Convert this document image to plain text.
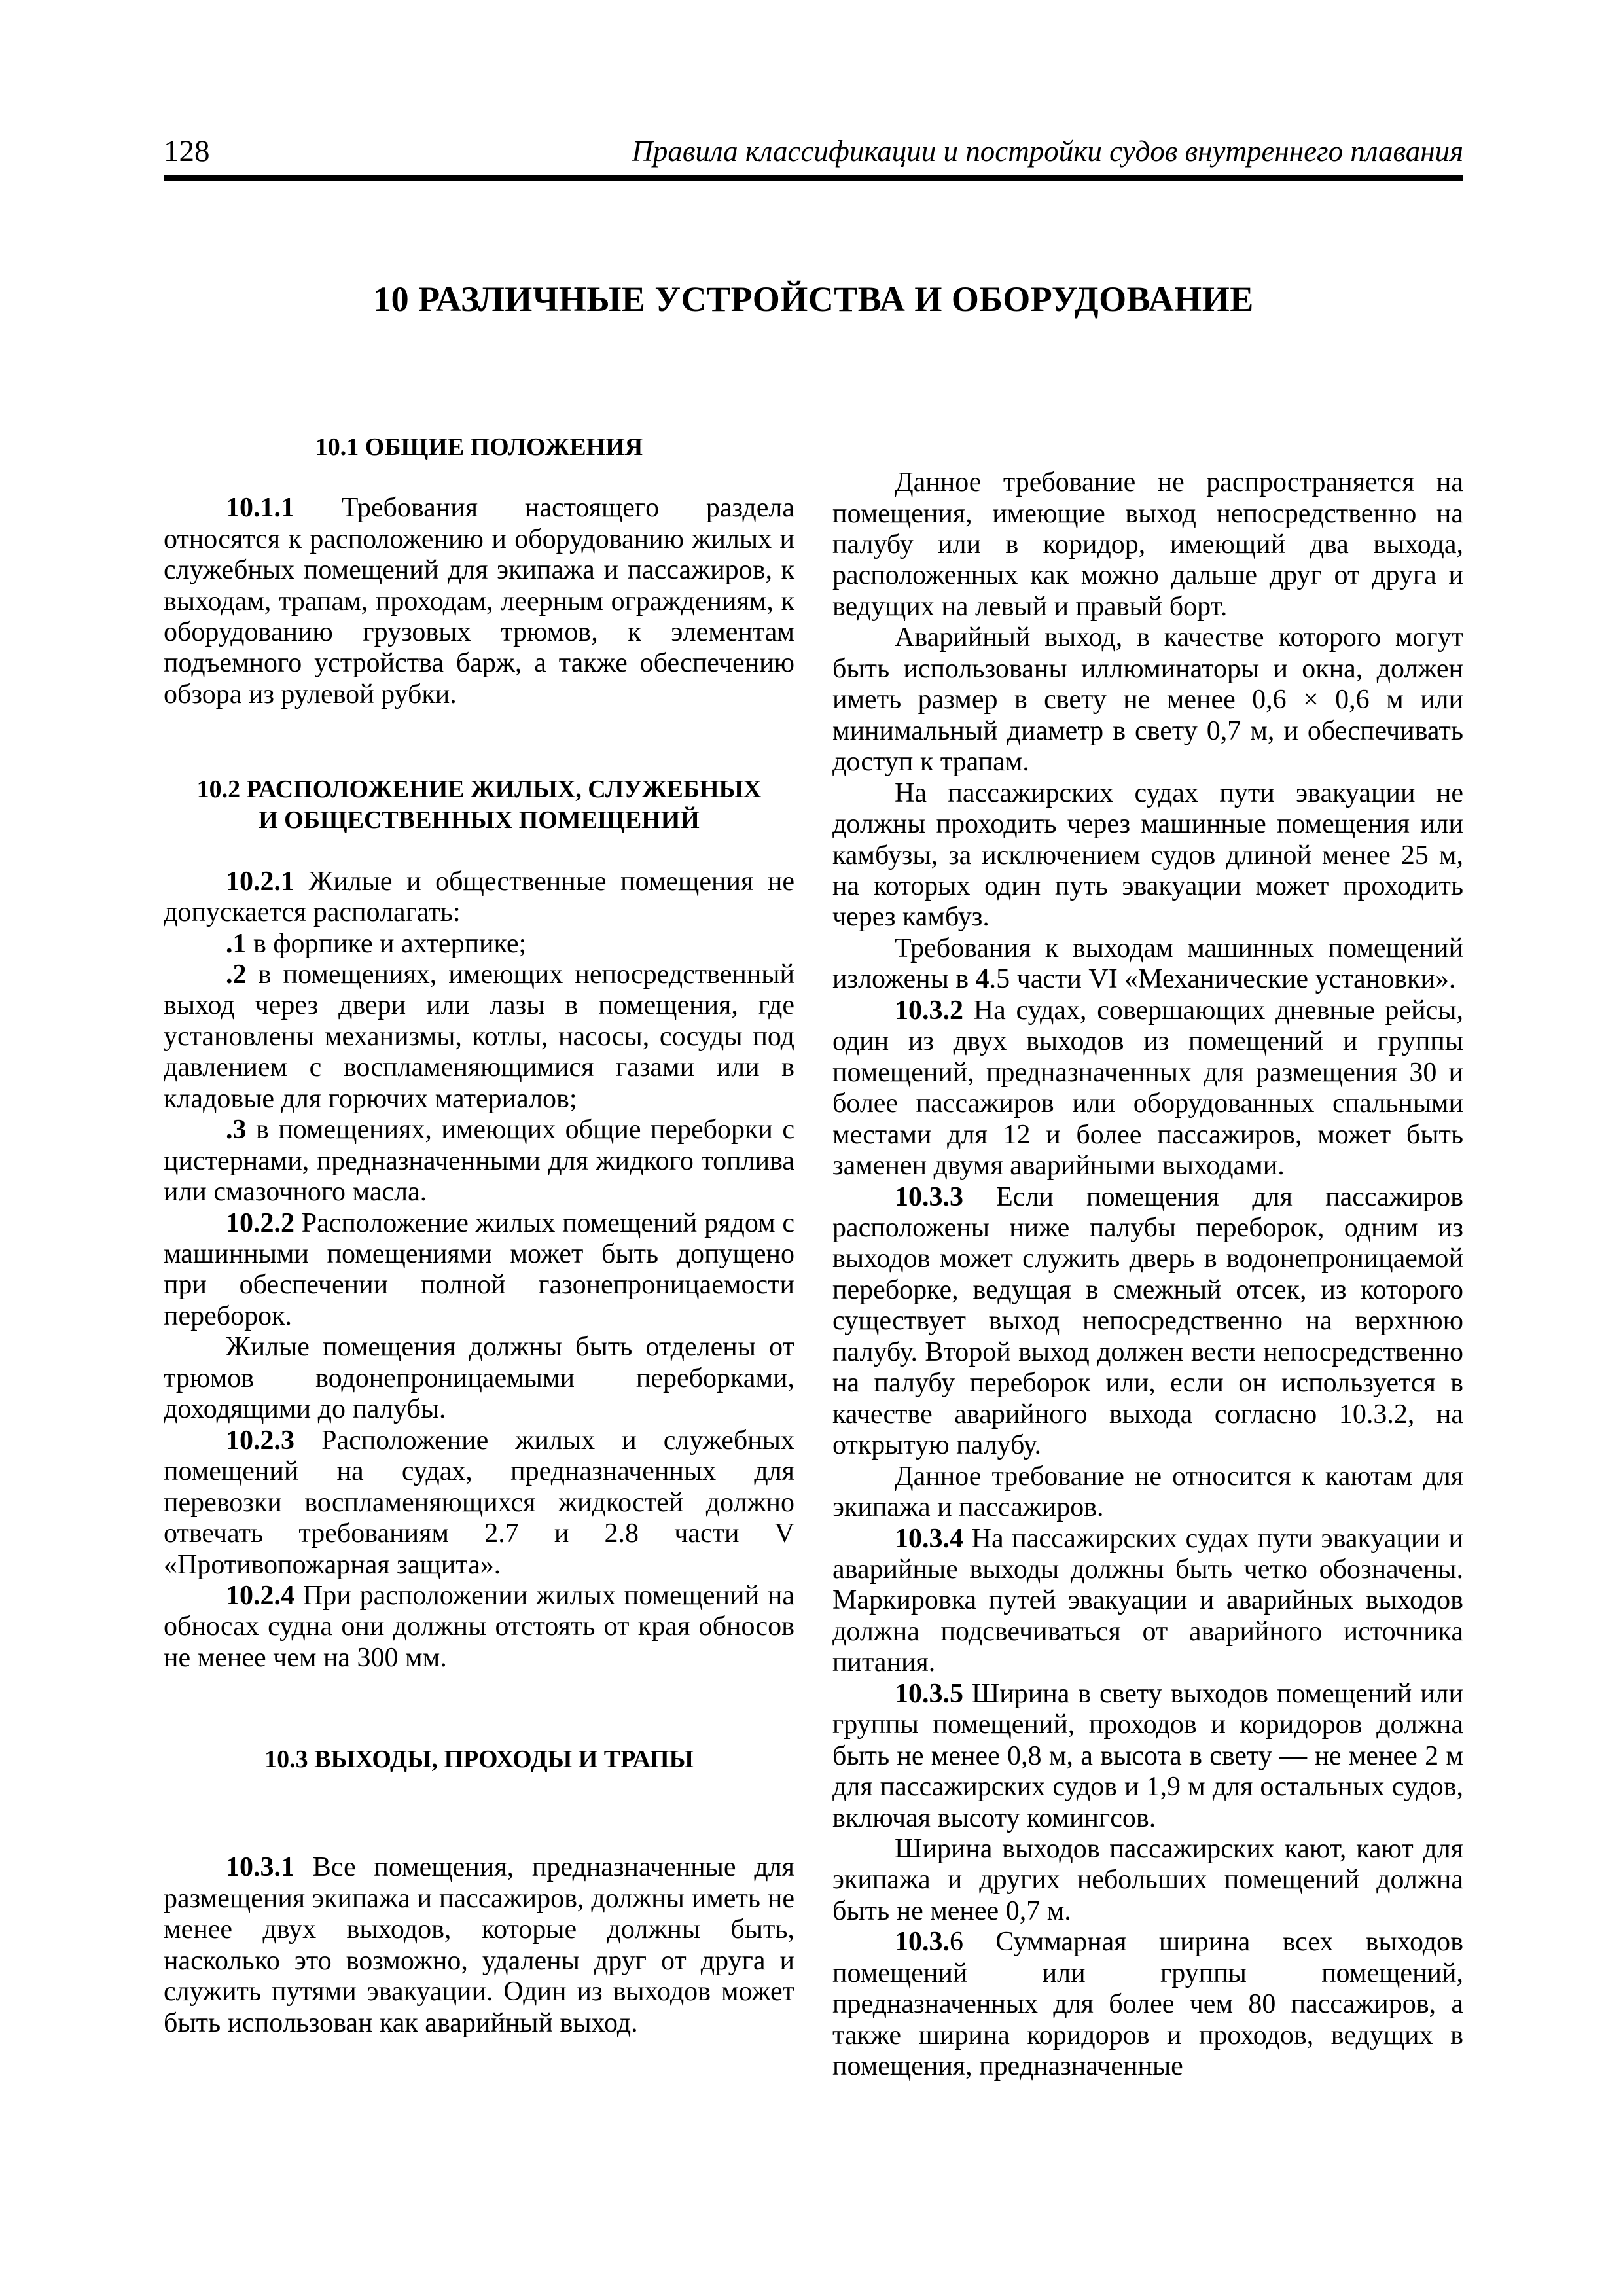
128	Правила классификации и постройки судов внутреннего плавания
10 РАЗЛИЧНЫЕ УСТРОЙСТВА И ОБОРУДОВАНИЕ
10.1 ОБЩИЕ ПОЛОЖЕНИЯ

10.1.1 Требования настоящего раздела относятся к расположению и оборудованию жилых и служебных помещений для экипажа и пассажиров, к выходам, трапам, проходам, леерным ограждениям, к оборудованию грузовых трюмов, к элементам подъемного устройства барж, а также обеспечению обзора из рулевой рубки.

10.2 РАСПОЛОЖЕНИЕ ЖИЛЫХ, СЛУЖЕБНЫХ
И ОБЩЕСТВЕННЫХ ПОМЕЩЕНИЙ

10.2.1 Жилые и общественные помещения не допускается располагать:

.1 в форпике и ахтерпике;

.2 в помещениях, имеющих непосредственный выход через двери или лазы в помещения, где установлены механизмы, котлы, насосы, сосуды под давлением с воспламеняющимися газами или в кладовые для горючих материалов;

.3 в помещениях, имеющих общие переборки с цистернами, предназначенными для жидкого топлива или смазочного масла.

10.2.2 Расположение жилых помещений рядом с машинными помещениями может быть допущено при обеспечении полной газонепроницаемости переборок.

Жилые помещения должны быть отделены от трюмов водонепроницаемыми переборками, доходящими до палубы.

10.2.3 Расположение жилых и служебных помещений на судах, предназначенных для перевозки воспламеняющихся жидкостей должно отвечать требованиям 2.7 и 2.8 части V «Противопожарная защита».

10.2.4 При расположении жилых помещений на обносах судна они должны отстоять от края обносов не менее чем на 300 мм.

10.3 ВЫХОДЫ, ПРОХОДЫ И ТРАПЫ

10.3.1 Все помещения, предназначенные для размещения экипажа и пассажиров, должны иметь не менее двух выходов, которые должны быть, насколько это возможно, удалены друг от друга и служить путями эвакуации. Один из выходов может быть использован как аварийный выход.

Данное требование не распространяется на помещения, имеющие выход непосредственно на палубу или в коридор, имеющий два выхода, расположенных как можно дальше друг от друга и ведущих на левый и правый борт.

Аварийный выход, в качестве которого могут быть использованы иллюминаторы и окна, должен иметь размер в свету не менее 0,6 × 0,6 м или минимальный диаметр в свету 0,7 м, и обеспечивать доступ к трапам.

На пассажирских судах пути эвакуации не должны проходить через машинные помещения или камбузы, за исключением судов длиной менее 25 м, на которых один путь эвакуации может проходить через камбуз.

Требования к выходам машинных помещений изложены в 4.5 части VI «Механические установки».

10.3.2 На судах, совершающих дневные рейсы, один из двух выходов из помещений и группы помещений, предназначенных для размещения 30 и более пассажиров или оборудованных спальными местами для 12 и более пассажиров, может быть заменен двумя аварийными выходами.

10.3.3 Если помещения для пассажиров расположены ниже палубы переборок, одним из выходов может служить дверь в водонепроницаемой переборке, ведущая в смежный отсек, из которого существует выход непосредственно на верхнюю палубу. Второй выход должен вести непосредственно на палубу переборок или, если он используется в качестве аварийного выхода согласно 10.3.2, на открытую палубу.

Данное требование не относится к каютам для экипажа и пассажиров.

10.3.4 На пассажирских судах пути эвакуации и аварийные выходы должны быть четко обозначены. Маркировка путей эвакуации и аварийных выходов должна подсвечиваться от аварийного источника питания.

10.3.5 Ширина в свету выходов помещений или группы помещений, проходов и коридоров должна быть не менее 0,8 м, а высота в свету — не менее 2 м для пассажирских судов и 1,9 м для остальных судов, включая высоту комингсов.

Ширина выходов пассажирских кают, кают для экипажа и других небольших помещений должна быть не менее 0,7 м.

10.3.6 Суммарная ширина всех выходов помещений или группы помещений, предназначенных для более чем 80 пассажиров, а также ширина коридоров и проходов, ведущих в помещения, предназначенные
